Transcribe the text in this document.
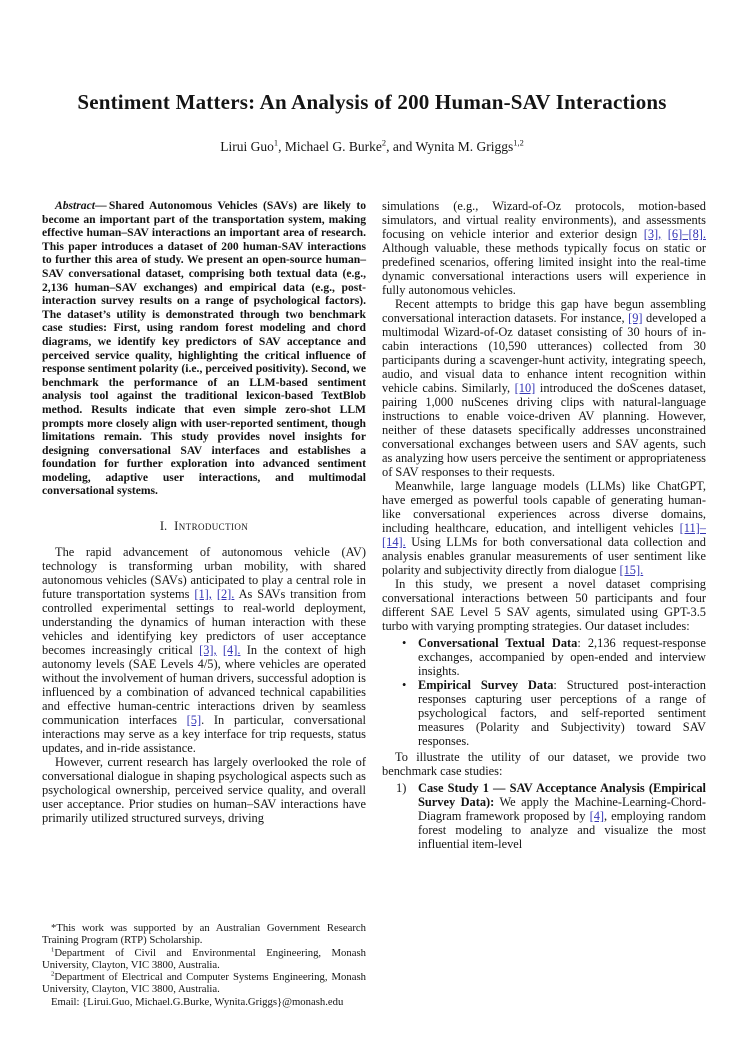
Sentiment Matters: An Analysis of 200 Human-SAV Interactions
Lirui Guo$^1$, Michael G. Burke$^2$, and Wynita M. Griggs$^{1,2}$

Abstract— Shared Autonomous Vehicles (SAVs) are likely to become an important part of the transportation system, making effective human–SAV interactions an important area of research. This paper introduces a dataset of 200 human-SAV interactions to further this area of study. We present an open-source human–SAV conversational dataset, comprising both textual data (e.g., 2,136 human–SAV exchanges) and empirical data (e.g., post-interaction survey results on a range of psychological factors). The dataset’s utility is demonstrated through two benchmark case studies: First, using random forest modeling and chord diagrams, we identify key predictors of SAV acceptance and perceived service quality, highlighting the critical influence of response sentiment polarity (i.e., perceived positivity). Second, we benchmark the performance of an LLM-based sentiment analysis tool against the traditional lexicon-based TextBlob method. Results indicate that even simple zero-shot LLM prompts more closely align with user-reported sentiment, though limitations remain. This study provides novel insights for designing conversational SAV interfaces and establishes a foundation for further exploration into advanced sentiment modeling, adaptive user interactions, and multimodal conversational systems.

I. Introduction

The rapid advancement of autonomous vehicle (AV) technology is transforming urban mobility, with shared autonomous vehicles (SAVs) anticipated to play a central role in future transportation systems [1], [2]. As SAVs transition from controlled experimental settings to real-world deployment, understanding the dynamics of human interaction with these vehicles and identifying key predictors of user acceptance becomes increasingly critical [3], [4]. In the context of high autonomy levels (SAE Levels 4/5), where vehicles are operated without the involvement of human drivers, successful adoption is influenced by a combination of advanced technical capabilities and effective human-centric interactions driven by seamless communication interfaces [5]. In particular, conversational interactions may serve as a key interface for trip requests, status updates, and in-ride assistance.

However, current research has largely overlooked the role of conversational dialogue in shaping psychological aspects such as psychological ownership, perceived service quality, and overall user acceptance. Prior studies on human–SAV interactions have primarily utilized structured surveys, driving

*This work was supported by an Australian Government Research Training Program (RTP) Scholarship.

$^1$Department of Civil and Environmental Engineering, Monash University, Clayton, VIC 3800, Australia.

$^2$Department of Electrical and Computer Systems Engineering, Monash University, Clayton, VIC 3800, Australia.

Email: {Lirui.Guo, Michael.G.Burke, Wynita.Griggs}@monash.edu

simulations (e.g., Wizard-of-Oz protocols, motion-based simulators, and virtual reality environments), and assessments focusing on vehicle interior and exterior design [3], [6]–[8]. Although valuable, these methods typically focus on static or predefined scenarios, offering limited insight into the real-time dynamic conversational interactions users will experience in fully autonomous vehicles.

Recent attempts to bridge this gap have begun assembling conversational interaction datasets. For instance, [9] developed a multimodal Wizard-of-Oz dataset consisting of 30 hours of in-cabin interactions (10,590 utterances) collected from 30 participants during a scavenger-hunt activity, integrating speech, audio, and visual data to enhance intent recognition within vehicle cabins. Similarly, [10] introduced the doScenes dataset, pairing 1,000 nuScenes driving clips with natural-language instructions to enable voice-driven AV planning. However, neither of these datasets specifically addresses unconstrained conversational exchanges between users and SAV agents, such as analyzing how users perceive the sentiment or appropriateness of SAV responses to their requests.

Meanwhile, large language models (LLMs) like ChatGPT, have emerged as powerful tools capable of generating human-like conversational experiences across diverse domains, including healthcare, education, and intelligent vehicles [11]–[14]. Using LLMs for both conversational data collection and analysis enables granular measurements of user sentiment like polarity and subjectivity directly from dialogue [15].

In this study, we present a novel dataset comprising conversational interactions between 50 participants and four different SAE Level 5 SAV agents, simulated using GPT-3.5 turbo with varying prompting strategies. Our dataset includes:

• Conversational Textual Data: 2,136 request-response exchanges, accompanied by open-ended and interview insights.
• Empirical Survey Data: Structured post-interaction responses capturing user perceptions of a range of psychological factors, and self-reported sentiment measures (Polarity and Subjectivity) toward SAV responses.

To illustrate the utility of our dataset, we provide two benchmark case studies:

1) Case Study 1 — SAV Acceptance Analysis (Empirical Survey Data): We apply the Machine-Learning-Chord-Diagram framework proposed by [4], employing random forest modeling to analyze and visualize the most influential item-level
